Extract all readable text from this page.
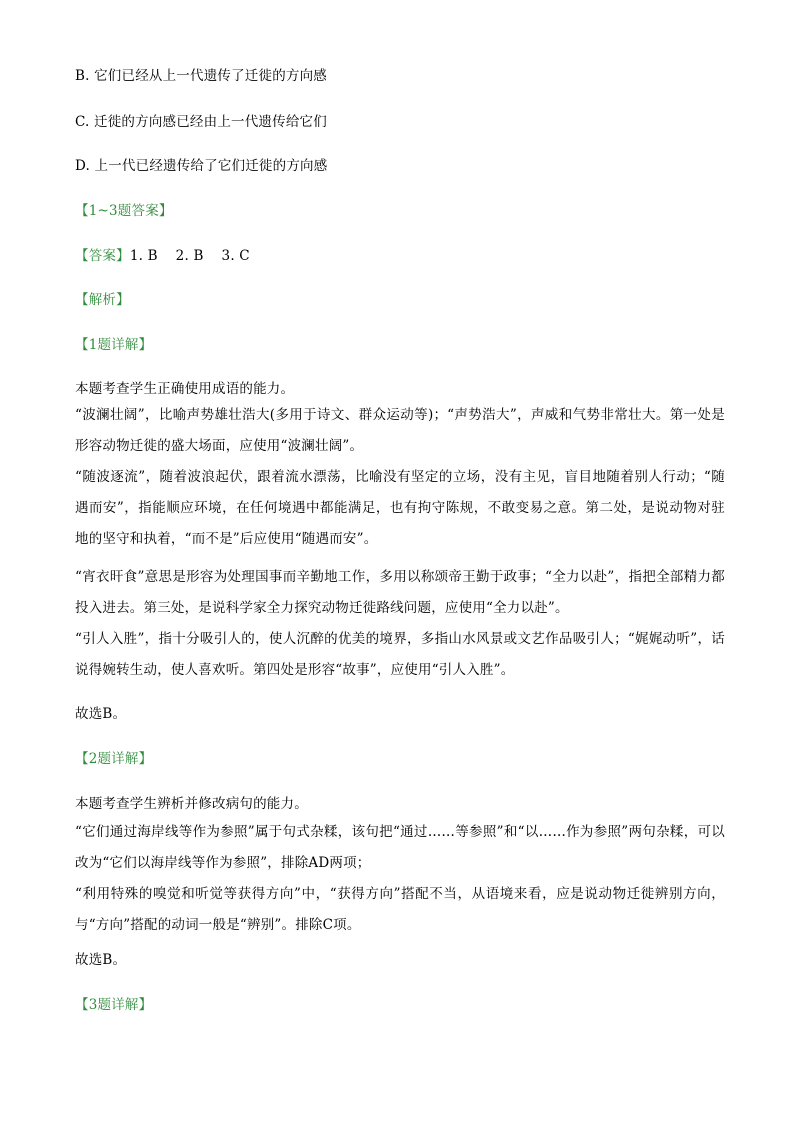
B. 它们已经从上一代遗传了迁徙的方向感
C. 迁徙的方向感已经由上一代遗传给它们
D. 上一代已经遗传给了它们迁徙的方向感
【1~3题答案】
【答案】1. B    2. B    3. C
【解析】
【1题详解】
本题考查学生正确使用成语的能力。
“波澜壮阔”，比喻声势雄壮浩大(多用于诗文、群众运动等)；“声势浩大”，声威和气势非常壮大。第一处是形容动物迁徙的盛大场面，应使用“波澜壮阔”。
“随波逐流”，随着波浪起伏，跟着流水漂荡，比喻没有坚定的立场，没有主见，盲目地随着别人行动；“随遇而安”，指能顺应环境，在任何境遇中都能满足，也有拘守陈规，不敢变易之意。第二处，是说动物对驻地的坚守和执着，“而不是”后应使用“随遇而安”。
“宵衣旰食”意思是形容为处理国事而辛勤地工作，多用以称颂帝王勤于政事；“全力以赴”，指把全部精力都投入进去。第三处，是说科学家全力探究动物迁徙路线问题，应使用“全力以赴”。
“引人入胜”，指十分吸引人的，使人沉醉的优美的境界，多指山水风景或文艺作品吸引人；“娓娓动听”，话说得婉转生动，使人喜欢听。第四处是形容“故事”，应使用“引人入胜”。
故选B。
【2题详解】
本题考查学生辨析并修改病句的能力。
“它们通过海岸线等作为参照”属于句式杂糅，该句把“通过……等参照”和“以……作为参照”两句杂糅，可以改为“它们以海岸线等作为参照”，排除AD两项；
“利用特殊的嗅觉和听觉等获得方向”中，“获得方向”搭配不当，从语境来看，应是说动物迁徙辨别方向，与“方向”搭配的动词一般是“辨别”。排除C项。
故选B。
【3题详解】
